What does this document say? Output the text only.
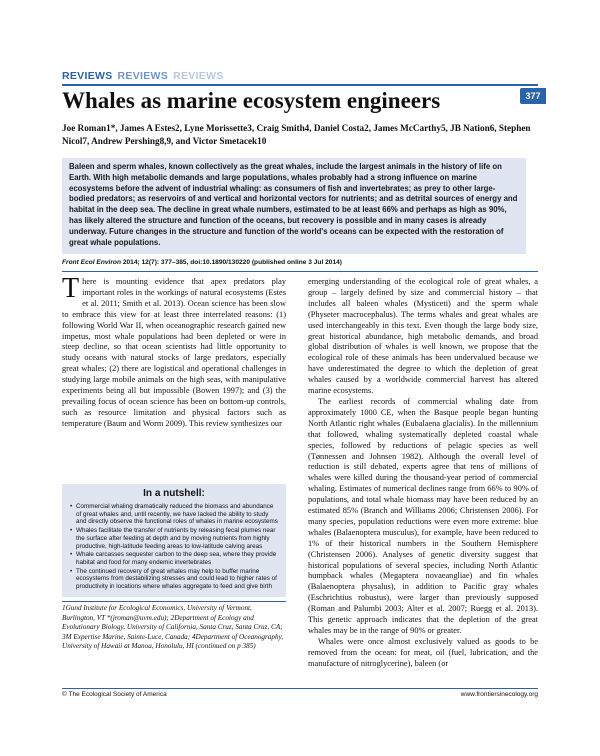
REVIEWS REVIEWS REVIEWS
377
Whales as marine ecosystem engineers
Joe Roman1*, James A Estes2, Lyne Morissette3, Craig Smith4, Daniel Costa2, James McCarthy5, JB Nation6, Stephen Nicol7, Andrew Pershing8,9, and Victor Smetacek10
Baleen and sperm whales, known collectively as the great whales, include the largest animals in the history of life on Earth. With high metabolic demands and large populations, whales probably had a strong influence on marine ecosystems before the advent of industrial whaling: as consumers of fish and invertebrates; as prey to other large-bodied predators; as reservoirs of and vertical and horizontal vectors for nutrients; and as detrital sources of energy and habitat in the deep sea. The decline in great whale numbers, estimated to be at least 66% and perhaps as high as 90%, has likely altered the structure and function of the oceans, but recovery is possible and in many cases is already underway. Future changes in the structure and function of the world's oceans can be expected with the restoration of great whale populations.
Front Ecol Environ 2014; 12(7): 377–385, doi:10.1890/130220 (published online 3 Jul 2014)

There is mounting evidence that apex predators play important roles in the workings of natural ecosystems (Estes et al. 2011; Smith et al. 2013). Ocean science has been slow to embrace this view for at least three interrelated reasons: (1) following World War II, when oceanographic research gained new impetus, most whale populations had been depleted or were in steep decline, so that ocean scientists had little opportunity to study oceans with natural stocks of large predators, especially great whales; (2) there are logistical and operational challenges in studying large mobile animals on the high seas, with manipulative experiments being all but impossible (Bowen 1997); and (3) the prevailing focus of ocean science has been on bottom-up controls, such as resource limitation and physical factors such as temperature (Baum and Worm 2009). This review synthesizes our

In a nutshell:
• Commercial whaling dramatically reduced the biomass and abundance of great whales and, until recently, we have lacked the ability to study and directly observe the functional roles of whales in marine ecosystems
• Whales facilitate the transfer of nutrients by releasing fecal plumes near the surface after feeding at depth and by moving nutrients from highly productive, high-latitude feeding areas to low-latitude calving areas
• Whale carcasses sequester carbon to the deep sea, where they provide habitat and food for many endemic invertebrates
• The continued recovery of great whales may help to buffer marine ecosystems from destabilizing stresses and could lead to higher rates of productivity in locations where whales aggregate to feed and give birth
1Gund Institute for Ecological Economics, University of Vermont, Burlington, VT *(jroman@uvm.edu); 2Department of Ecology and Evolutionary Biology, University of California, Santa Cruz, Santa Cruz, CA; 3M Expertise Marine, Sainte-Luce, Canada; 4Department of Oceanography, University of Hawaii at Manoa, Honolulu, HI (continued on p 385)

emerging understanding of the ecological role of great whales, a group – largely defined by size and commercial history – that includes all baleen whales (Mysticeti) and the sperm whale (Physeter macrocephalus). The terms whales and great whales are used interchangeably in this text. Even though the large body size, great historical abundance, high metabolic demands, and broad global distribution of whales is well known, we propose that the ecological role of these animals has been undervalued because we have underestimated the degree to which the depletion of great whales caused by a worldwide commercial harvest has altered marine ecosystems.

The earliest records of commercial whaling date from approximately 1000 CE, when the Basque people began hunting North Atlantic right whales (Eubalaena glacialis). In the millennium that followed, whaling systematically depleted coastal whale species, followed by reductions of pelagic species as well (Tønnessen and Johnsen 1982). Although the overall level of reduction is still debated, experts agree that tens of millions of whales were killed during the thousand-year period of commercial whaling. Estimates of numerical declines range from 66% to 90% of populations, and total whale biomass may have been reduced by an estimated 85% (Branch and Williams 2006; Christensen 2006). For many species, population reductions were even more extreme: blue whales (Balaenoptera musculus), for example, have been reduced to 1% of their historical numbers in the Southern Hemisphere (Christensen 2006). Analyses of genetic diversity suggest that historical populations of several species, including North Atlantic humpback whales (Megaptera novaeangliae) and fin whales (Balaenoptera physalus), in addition to Pacific gray whales (Eschrichtius robustus), were larger than previously supposed (Roman and Palumbi 2003; Alter et al. 2007; Ruegg et al. 2013). This genetic approach indicates that the depletion of the great whales may be in the range of 90% or greater.

Whales were once almost exclusively valued as goods to be removed from the ocean: for meat, oil (fuel, lubrication, and the manufacture of nitroglycerine), baleen (or

© The Ecological Society of America	www.frontiersinecology.org
